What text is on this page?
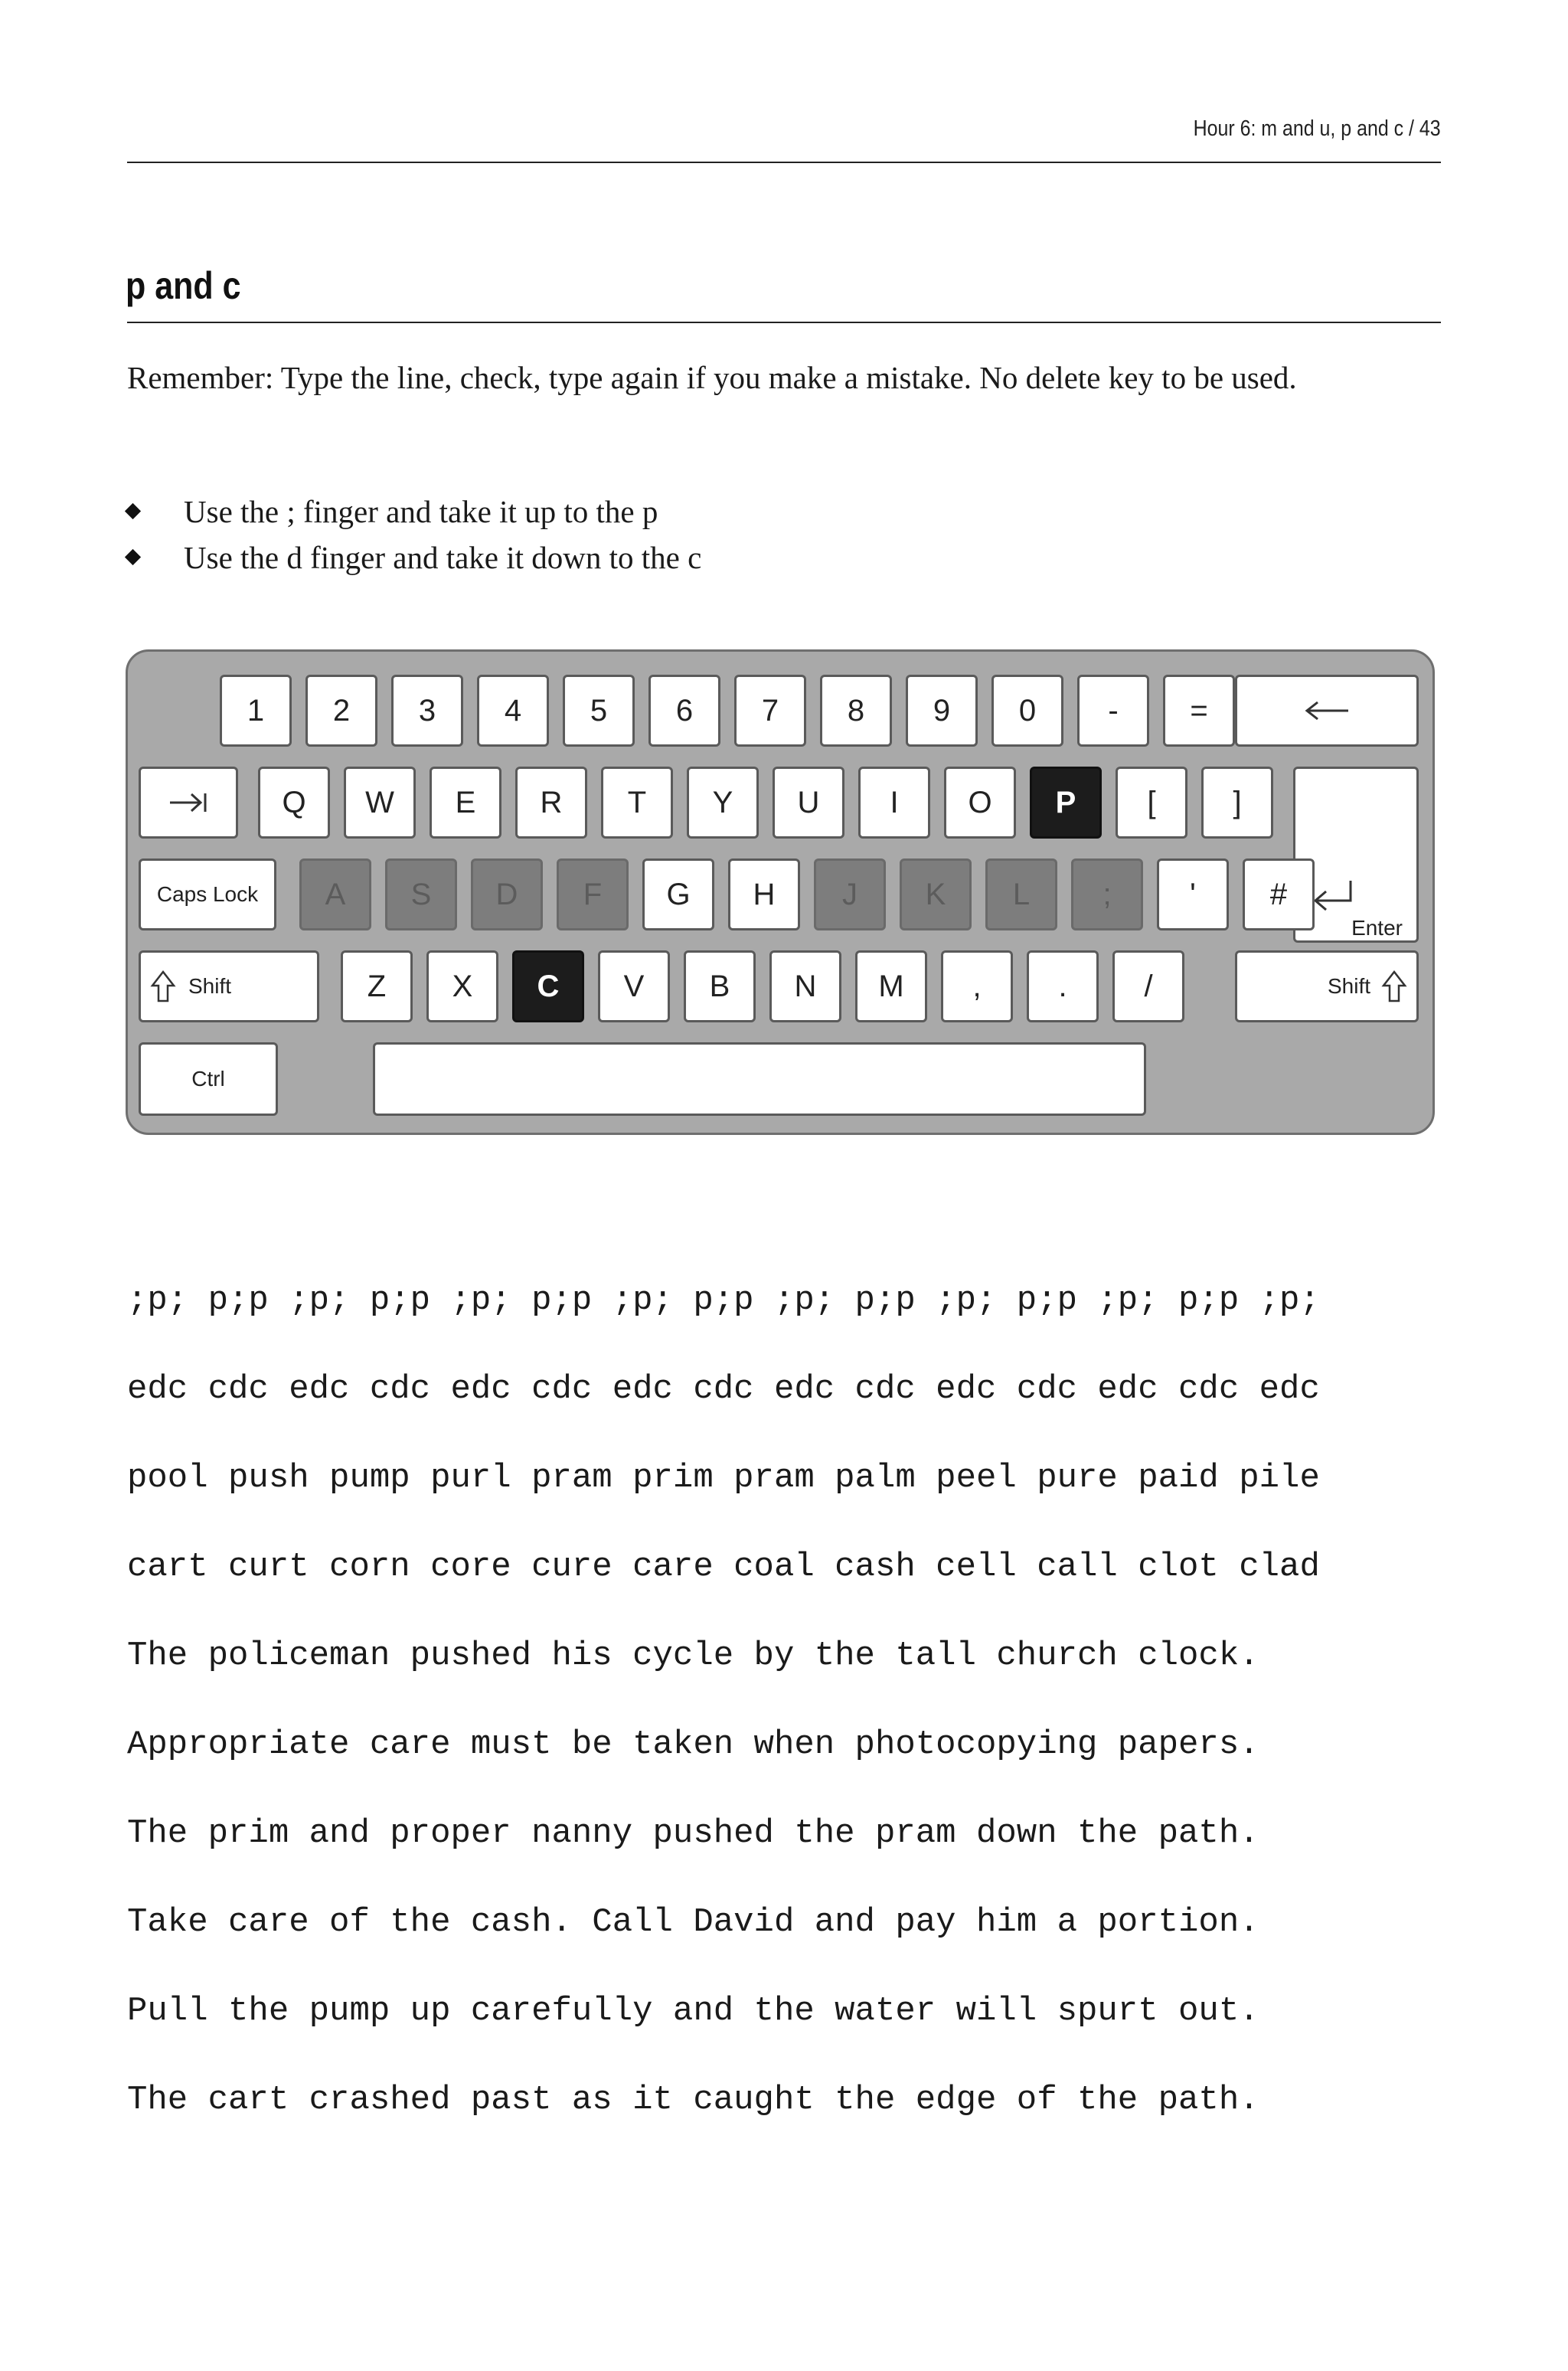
Hour 6: m and u, p and c / 43
p and c
Remember: Type the line, check, type again if you make a mistake. No delete key to be used.
Use the ; finger and take it up to the p
Use the d finger and take it down to the c
Enter
Caps Lock
Shift	Shift
Ctrl
1	2	3	4	5	6	7	8	9	0	-	=
Q	W	E	R	T	Y	U	I	O	P	[	]
A	S	D	F	G	H	J	K	L	;	'	#
Z	X	C	V	B	N	M	,	.	/
;p; p;p ;p; p;p ;p; p;p ;p; p;p ;p; p;p ;p; p;p ;p; p;p ;p;
edc cdc edc cdc edc cdc edc cdc edc cdc edc cdc edc cdc edc
pool push pump purl pram prim pram palm peel pure paid pile
cart curt corn core cure care coal cash cell call clot clad
The policeman pushed his cycle by the tall church clock.
Appropriate care must be taken when photocopying papers.
The prim and proper nanny pushed the pram down the path.
Take care of the cash. Call David and pay him a portion.
Pull the pump up carefully and the water will spurt out.
The cart crashed past as it caught the edge of the path.
